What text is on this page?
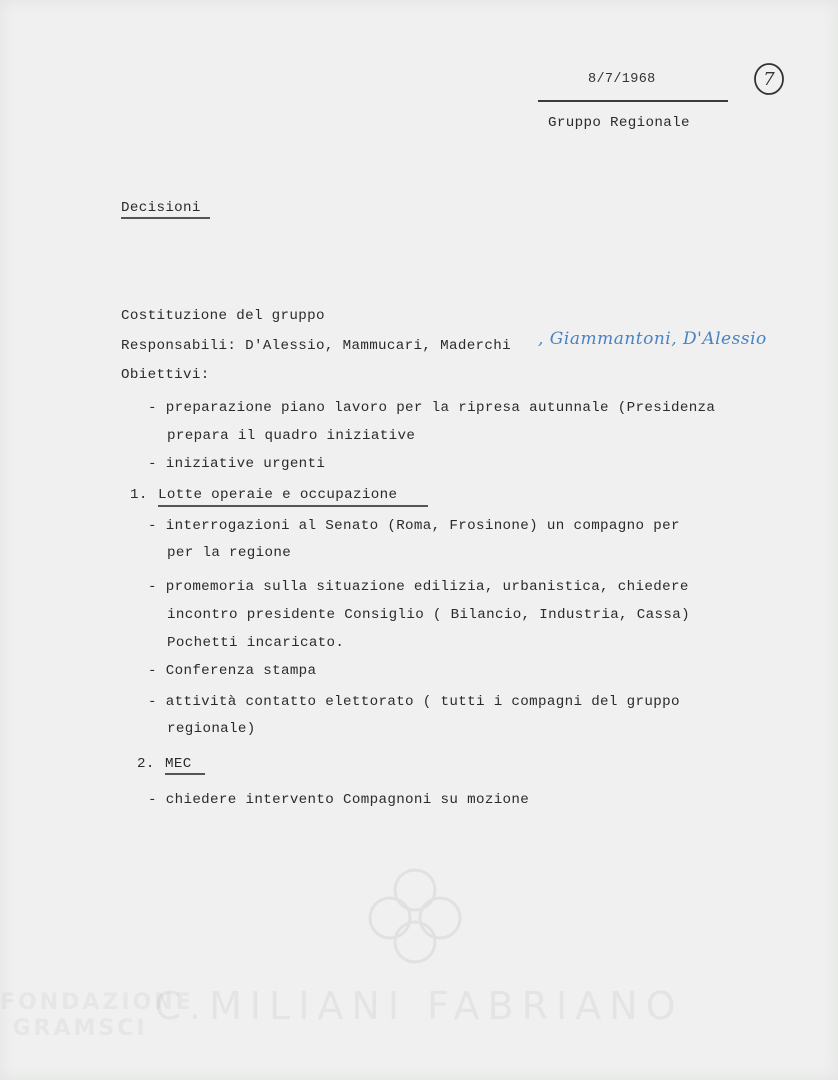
8/7/1968	7
Gruppo Regionale
Decisioni
Costituzione del gruppo
Responsabili: D'Alessio, Mammucari, Maderchi , Giammantoni, D'Alessio
Obiettivi:
- preparazione piano lavoro per la ripresa autunnale (Presidenza
prepara il quadro iniziative
- iniziative urgenti
1. Lotte operaie e occupazione
- interrogazioni al Senato (Roma, Frosinone) un compagno per
per la regione
- promemoria sulla situazione edilizia, urbanistica, chiedere
incontro presidente Consiglio ( Bilancio, Industria, Cassa)
Pochetti incaricato.
- Conferenza stampa
- attività contatto elettorato ( tutti i compagni del gruppo
regionale)
2. MEC
- chiedere intervento Compagnoni su mozione
C.MILIANI FABRIANO
FONDAZIONE GRAMSCI
